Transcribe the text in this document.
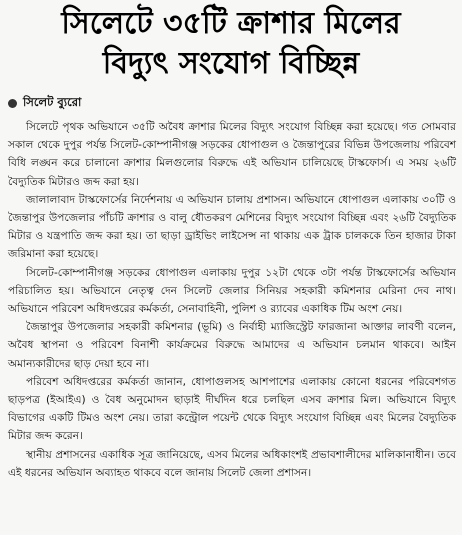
সিলেটে ৩৫টি ক্রাশার মিলের
বিদ্যুৎ সংযোগ বিচ্ছিন্ন
সিলেট ব্যুরো

সিলেটে পৃথক অভিযানে ৩৫টি অবৈধ ক্রাশার মিলের বিদ্যুৎ সংযোগ বিচ্ছিন্ন করা হয়েছে। গত সোমবার সকাল থেকে দুপুর পর্যন্ত সিলেট-কোম্পানীগঞ্জ সড়কের ধোপাগুল ও জৈন্তাপুরের বিভিন্ন উপজেলায় পরিবেশ বিধি লঙ্ঘন করে চালানো ক্রাশার মিলগুলোর বিরুদ্ধে এই অভিযান চালিয়েছে টাস্কফোর্স। এ সময় ২৬টি বৈদ্যুতিক মিটারও জব্দ করা হয়।

জালালাবাদ টাস্কফোর্সের নির্দেশনায় এ অভিযান চালায় প্রশাসন। অভিযানে ধোপাগুল এলাকায় ৩০টি ও জৈন্তাপুর উপজেলার পাঁচটি ক্রাশার ও বালু ধৌতকরণ মেশিনের বিদ্যুৎ সংযোগ বিচ্ছিন্ন এবং ২৬টি বৈদ্যুতিক মিটার ও যন্ত্রপাতি জব্দ করা হয়। তা ছাড়া ড্রাইভিং লাইসেন্স না থাকায় এক ট্রাক চালককে তিন হাজার টাকা জরিমানা করা হয়েছে।

সিলেট-কোম্পানীগঞ্জ সড়কের ধোপাগুল এলাকায় দুপুর ১২টা থেকে ৩টা পর্যন্ত টাস্কফোর্সের অভিযান পরিচালিত হয়। অভিযানে নেতৃত্ব দেন সিলেট জেলার সিনিয়র সহকারী কমিশনার মেরিনা দেব নাথ। অভিযানে পরিবেশ অধিদপ্তরের কর্মকর্তা, সেনাবাহিনী, পুলিশ ও র‌্যাবের একাধিক টিম অংশ নেয়।

জৈন্তাপুর উপজেলার সহকারী কমিশনার (ভূমি) ও নির্বাহী ম্যাজিস্ট্রেট ফারজানা আক্তার লাবণী বলেন, অবৈধ স্থাপনা ও পরিবেশ বিনাশী কার্যক্রমের বিরুদ্ধে আমাদের এ অভিযান চলমান থাকবে। আইন অমান্যকারীদের ছাড় দেয়া হবে না।

পরিবেশ অধিদপ্তরের কর্মকর্তা জানান, ধোপাগুলসহ আশপাশের এলাকায় কোনো ধরনের পরিবেশগত ছাড়পত্র (ইআইএ) ও বৈধ অনুমোদন ছাড়াই দীর্ঘদিন ধরে চলছিল এসব ক্রাশার মিল। অভিযানে বিদ্যুৎ বিভাগের একটি টিমও অংশ নেয়। তারা কন্ট্রোল পয়েন্ট থেকে বিদ্যুৎ সংযোগ বিচ্ছিন্ন এবং মিলের বৈদ্যুতিক মিটার জব্দ করেন।

স্থানীয় প্রশাসনের একাধিক সূত্র জানিয়েছে, এসব মিলের অধিকাংশই প্রভাবশালীদের মালিকানাধীন। তবে এই ধরনের অভিযান অব্যাহত থাকবে বলে জানায় সিলেট জেলা প্রশাসন।
